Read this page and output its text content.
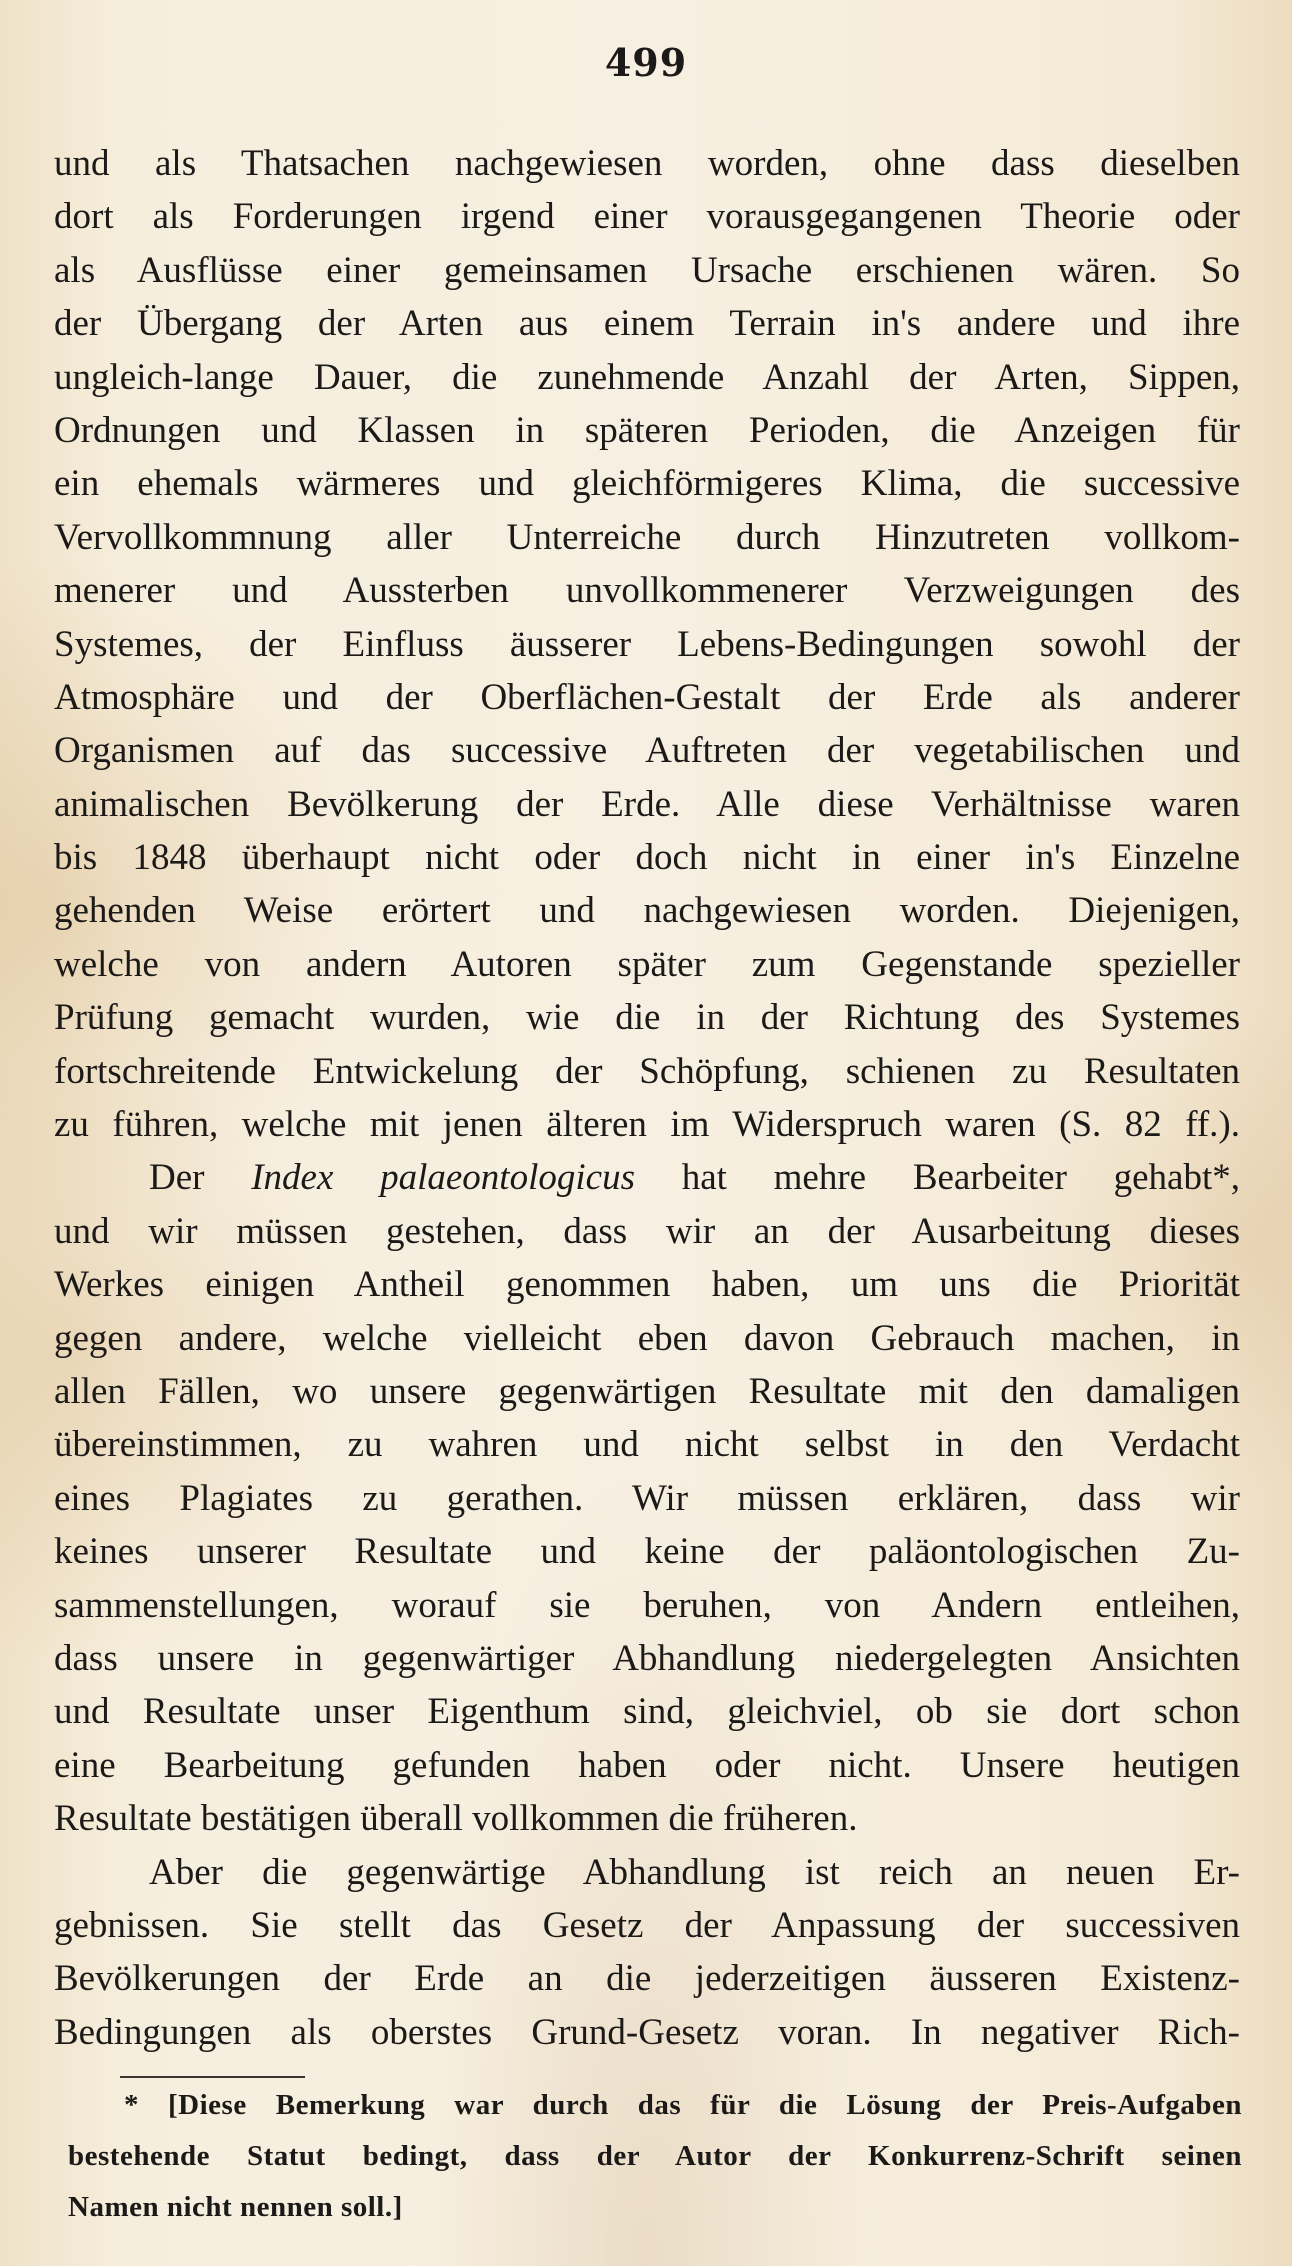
499
und als Thatsachen nachgewiesen worden, ohne dass dieselben
dort als Forderungen irgend einer vorausgegangenen Theorie oder
als Ausflüsse einer gemeinsamen Ursache erschienen wären. So
der Übergang der Arten aus einem Terrain in's andere und ihre
ungleich-lange Dauer, die zunehmende Anzahl der Arten, Sippen,
Ordnungen und Klassen in späteren Perioden, die Anzeigen für
ein ehemals wärmeres und gleichförmigeres Klima, die successive
Vervollkommnung aller Unterreiche durch Hinzutreten vollkom-
menerer und Aussterben unvollkommenerer Verzweigungen des
Systemes, der Einfluss äusserer Lebens-Bedingungen sowohl der
Atmosphäre und der Oberflächen-Gestalt der Erde als anderer
Organismen auf das successive Auftreten der vegetabilischen und
animalischen Bevölkerung der Erde. Alle diese Verhältnisse waren
bis 1848 überhaupt nicht oder doch nicht in einer in's Einzelne
gehenden Weise erörtert und nachgewiesen worden. Diejenigen,
welche von andern Autoren später zum Gegenstande spezieller
Prüfung gemacht wurden, wie die in der Richtung des Systemes
fortschreitende Entwickelung der Schöpfung, schienen zu Resultaten
zu führen, welche mit jenen älteren im Widerspruch waren (S. 82 ff.).
Der Index palaeontologicus hat mehre Bearbeiter gehabt*,
und wir müssen gestehen, dass wir an der Ausarbeitung dieses
Werkes einigen Antheil genommen haben, um uns die Priorität
gegen andere, welche vielleicht eben davon Gebrauch machen, in
allen Fällen, wo unsere gegenwärtigen Resultate mit den damaligen
übereinstimmen, zu wahren und nicht selbst in den Verdacht
eines Plagiates zu gerathen. Wir müssen erklären, dass wir
keines unserer Resultate und keine der paläontologischen Zu-
sammenstellungen, worauf sie beruhen, von Andern entleihen,
dass unsere in gegenwärtiger Abhandlung niedergelegten Ansichten
und Resultate unser Eigenthum sind, gleichviel, ob sie dort schon
eine Bearbeitung gefunden haben oder nicht. Unsere heutigen
Resultate bestätigen überall vollkommen die früheren.
Aber die gegenwärtige Abhandlung ist reich an neuen Er-
gebnissen. Sie stellt das Gesetz der Anpassung der successiven
Bevölkerungen der Erde an die jederzeitigen äusseren Existenz-
Bedingungen als oberstes Grund-Gesetz voran. In negativer Rich-
* [Diese Bemerkung war durch das für die Lösung der Preis-Aufgaben
bestehende Statut bedingt, dass der Autor der Konkurrenz-Schrift seinen
Namen nicht nennen soll.]
